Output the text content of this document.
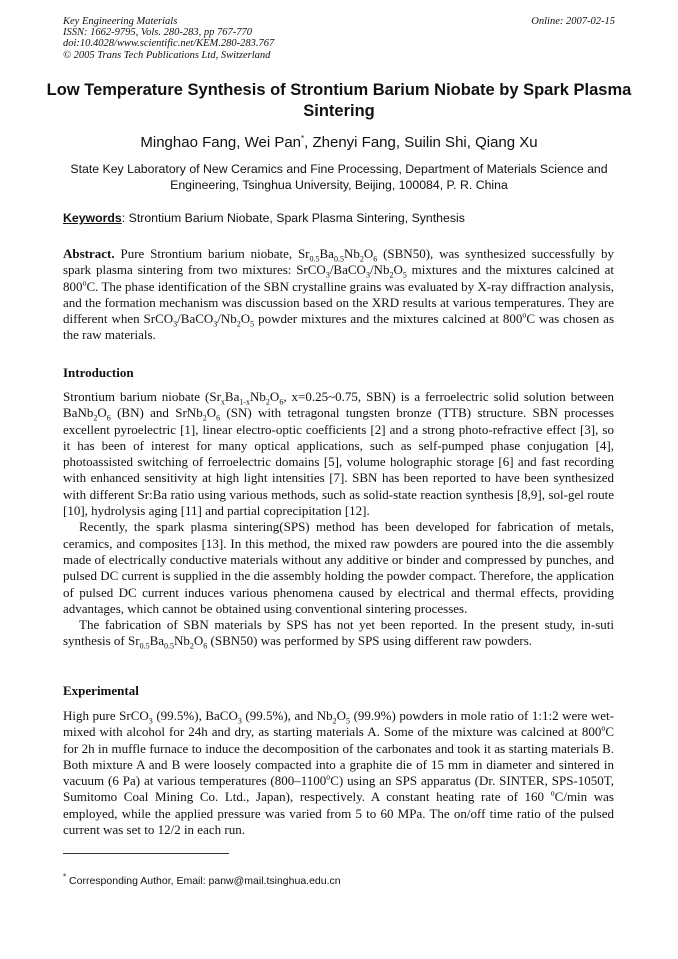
Key Engineering Materials
ISSN: 1662-9795, Vols. 280-283, pp 767-770
doi:10.4028/www.scientific.net/KEM.280-283.767
© 2005 Trans Tech Publications Ltd, Switzerland
Online: 2007-02-15
Low Temperature Synthesis of Strontium Barium Niobate by Spark Plasma Sintering
Minghao Fang, Wei Pan*, Zhenyi Fang, Suilin Shi, Qiang Xu
State Key Laboratory of New Ceramics and Fine Processing, Department of Materials Science and Engineering, Tsinghua University, Beijing, 100084, P. R. China
Keywords: Strontium Barium Niobate, Spark Plasma Sintering, Synthesis

Abstract. Pure Strontium barium niobate, $Sr_{0.5}Ba_{0.5}Nb_2O_6$ (SBN50), was synthesized successfully by spark plasma sintering from two mixtures: $SrCO_3/BaCO_3/Nb_2O_5$ mixtures and the mixtures calcined at 800$^o$C. The phase identification of the SBN crystalline grains was evaluated by X-ray diffraction analysis, and the formation mechanism was discussion based on the XRD results at various temperatures. They are different when $SrCO_3/BaCO_3/Nb_2O_5$ powder mixtures and the mixtures calcined at 800$^o$C was chosen as the raw materials.

Introduction

Strontium barium niobate ($Sr_xBa_{1-x}Nb_2O_6$, x=0.25~0.75, SBN) is a ferroelectric solid solution between $BaNb_2O_6$ (BN) and $SrNb_2O_6$ (SN) with tetragonal tungsten bronze (TTB) structure. SBN processes excellent pyroelectric [1], linear electro-optic coefficients [2] and a strong photo-refractive effect [3], so it has been of interest for many optical applications, such as self-pumped phase conjugation [4], photoassisted switching of ferroelectric domains [5], volume holographic storage [6] and fast recording with enhanced sensitivity at high light intensities [7]. SBN has been reported to have been synthesized with different Sr:Ba ratio using various methods, such as solid-state reaction synthesis [8,9], sol-gel route [10], hydrolysis aging [11] and partial coprecipitation [12].

Recently, the spark plasma sintering(SPS) method has been developed for fabrication of metals, ceramics, and composites [13]. In this method, the mixed raw powders are poured into the die assembly made of electrically conductive materials without any additive or binder and compressed by punches, and pulsed DC current is supplied in the die assembly holding the powder compact. Therefore, the application of pulsed DC current induces various phenomena caused by electrical and thermal effects, providing advantages, which cannot be obtained using conventional sintering processes.

The fabrication of SBN materials by SPS has not yet been reported. In the present study, in-suti synthesis of $Sr_{0.5}Ba_{0.5}Nb_2O_6$ (SBN50) was performed by SPS using different raw powders.

Experimental

High pure SrCO$_3$ (99.5%), BaCO$_3$ (99.5%), and $Nb_2O_5$ (99.9%) powders in mole ratio of 1:1:2 were wet-mixed with alcohol for 24h and dry, as starting materials A. Some of the mixture was calcined at 800$^o$C for 2h in muffle furnace to induce the decomposition of the carbonates and took it as starting materials B. Both mixture A and B were loosely compacted into a graphite die of 15 mm in diameter and sintered in vacuum (6 Pa) at various temperatures (800–1100$^o$C) using an SPS apparatus (Dr. SINTER, SPS-1050T, Sumitomo Coal Mining Co. Ltd., Japan), respectively. A constant heating rate of 160 $^o$C/min was employed, while the applied pressure was varied from 5 to 60 MPa. The on/off time ratio of the pulsed current was set to 12/2 in each run.

* Corresponding Author, Email: panw@mail.tsinghua.edu.cn
